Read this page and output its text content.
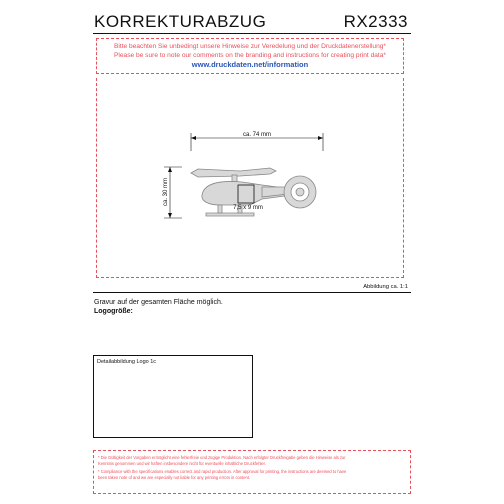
KORREKTURABZUG	RX2333
Bitte beachten Sie unbedingt unsere Hinweise zur Veredelung und der Druckdatenerstellung*
Please be sure to note our comments on the branding and instructions for creating print data*
www.druckdaten.net/information
ca. 74 mm
ca. 30 mm
7,5 x 9 mm
Abbildung ca. 1:1
Gravur auf der gesamten Fläche möglich.
Logogröße:
Detailabbildung Logo 1c
* Die Gültigkeit der Vorgaben ermöglicht eine fehlerfreie und zügige Produktion. Nach erfolgter Druckfreigabe geben die Hinweise als zur
Kenntnis genommen und wir haften insbesondere nicht für eventuelle inhaltliche Druckfehler.
* Compliance with the specifications enables correct and rapid production. After approval for printing, the instructions are deemed to have
been taken note of and we are especially not liable for any printing errors in content.
